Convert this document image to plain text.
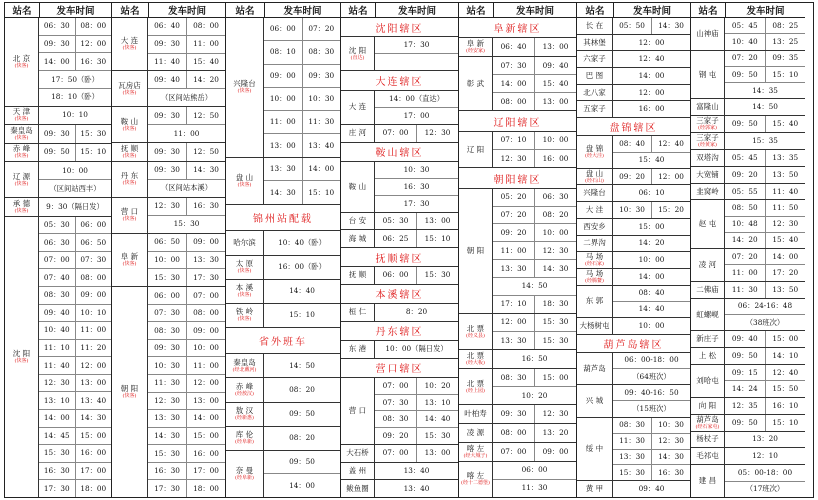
站名	发车时间
北 京
(快客)
06：30	08：00
09：30	12：00
14：00	16：30
17：50（卧）
18：10（卧）
天 津
(快客)	10：10
秦皇岛
(快客)	09：30	15：30
赤 峰
(快客)	09：50	15：10
辽 源
(快客)
10：00
（区间站西丰）
承 德
(快客)	9：30（隔日发）
沈 阳
(快客)
05：30	06：00
06：30	06：50
07：00	07：30
07：40	08：00
08：30	09：00
09：40	10：10
10：40	11：00
11：10	11：20
11：40	12：00
12：30	13：00
13：10	13：40
14：00	14：30
14：45	15：00
15：30	16：00
16：30	17：00
17：30	18：00
站名	发车时间
大 连
(快客)
06：40	08：00
09：30	11：00
11：40	15：40
瓦房店
(快客)
09：40	14：20
（区间站熊岳）
鞍 山
(快客)
09：30	12：50
11：00
抚 顺
(快客)	09：30	12：50
丹 东
(快客)
09：30	14：30
（区间站本溪）
营 口
(快客)
12：30	16：30
15：30
阜 新
(快客)
06：50	09：00
10：00	13：30
15：30	17：30
朝 阳
(快客)
06：00	07：00
07：30	08：00
08：30	09：00
09：30	10：00
10：30	11：00
11：30	12：00
12：30	13：00
13：30	14：00
14：30	15：00
15：30	16：00
16：30	17：00
17：30	18：00
站名	发车时间
兴隆台
(快客)
06：00	07：20
08：10	08：30
09：00	09：30
10：00	10：30
11：00	11：30
13：00	13：40
盘 山
(快客)
13：30	14：00
14：30	15：10
锦州站配载
哈尔滨	10：40（卧）
太 原
(快客)	16：00（卧）
本 溪
(快客)	14：40
铁 岭
(快客)	15：10
省外班车
秦皇岛
(经北戴河)	14：50
赤 峰
(经敖汉)	08：20
敖 汉
(经新惠)	09：50
库 伦
(经阜新)	08：20
奈 曼
(经阜新)
09：50
14：00
站名	发车时间
沈阳辖区
沈 阳
(直达)
17：30
大连辖区
大 连
14：00（直达）
17：00
庄 河	07：00	12：30
鞍山辖区
鞍 山
10：30
16：30
17：30
台 安	05：30	13：00
海 城	06：25	15：10
抚顺辖区
抚 顺	06：00	15：30
本溪辖区
桓 仁	8：20
丹东辖区
东 港	10：00（隔日发）
营口辖区
营 口
07：00	10：20
07：30	13：10
08：30	14：40
09：20	15：30
大石桥	07：00	13：00
盖 州	13：40
鲅鱼圈	13：40
站名	发车时间
阜新辖区
阜 新
(经安家)	06：40	13：00
彰 武
07：30	09：40
14：00	15：40
08：00	13：00
辽阳辖区
辽 阳
07：10	10：00
12：30	16：00
朝阳辖区
朝 阳
05：20	06：30
07：20	08：20
09：20	10：00
11：00	12：30
13：30	14：30
14：50
17：10	18：30
北 票
(经义县)
12：00	15：30
13：30	15：30
北 票
(经大板)	16：50
北 票
(经上园)
08：30	15：00
10：20
叶柏寿	09：30	12：30
凌 源	08：00	13：20
喀 左
(经大城子)	07：00	09：00
喀 左
(经十二德堡)
06：00
11：30
站名	发车时间
长 在	05：50	14：30
其林堡	12：00
六家子	12：40
巴 图	14：00
北八家	12：00
五家子	16：00
盘锦辖区
盘 锦
(经大洼)
08：40	12：40
15：40
盘 山
(经石山)	09：20	12：00
兴隆台	06：10
大 洼	10：30	15：20
西安乡	15：00
二界沟	14：20
马 场
(经石家)	10：00
马 场
(经腾鳌)	14：00
东 郭
08：40
14：40
大杨树屯	10：00
葫芦岛辖区
葫芦岛
06：00-18：00
（64班次）
兴 城
09：40-16：50
（15班次）
绥 中
08：30	10：30
11：30	12：30
13：30	14：30
15：30	16：30
黄 甲	09：40
站名	发车时间
山神庙
05：45	08：25
10：40	13：25
钢 屯
07：20	09：35
09：50	15：10
14：35
富隆山	14：50
三家子
(经郭家)	09：50	15：40
三家子
(经黄家)	15：35
双塔沟	05：45	13：35
大宽铺	09：20	13：50
韭窝岭	05：55	11：40
赵 屯
08：50	11：50
10：48	12：30
14：20	15：40
凌 河
07：20	14：00
11：00	17：20
二佛庙	11：30	13：50
虹螺岘
06：24-16：48
（38班次）
新庄子	09：40	15：00
上 松	09：50	14：10
刘哈屯
09：15	12：40
14：24	15：50
向 阳	12：35	16：10
葫芦岛
(经石家屯)	09：50	15：10
杨杖子	13：20
毛祁屯	12：10
建 昌
05：00-18：00
（17班次）
